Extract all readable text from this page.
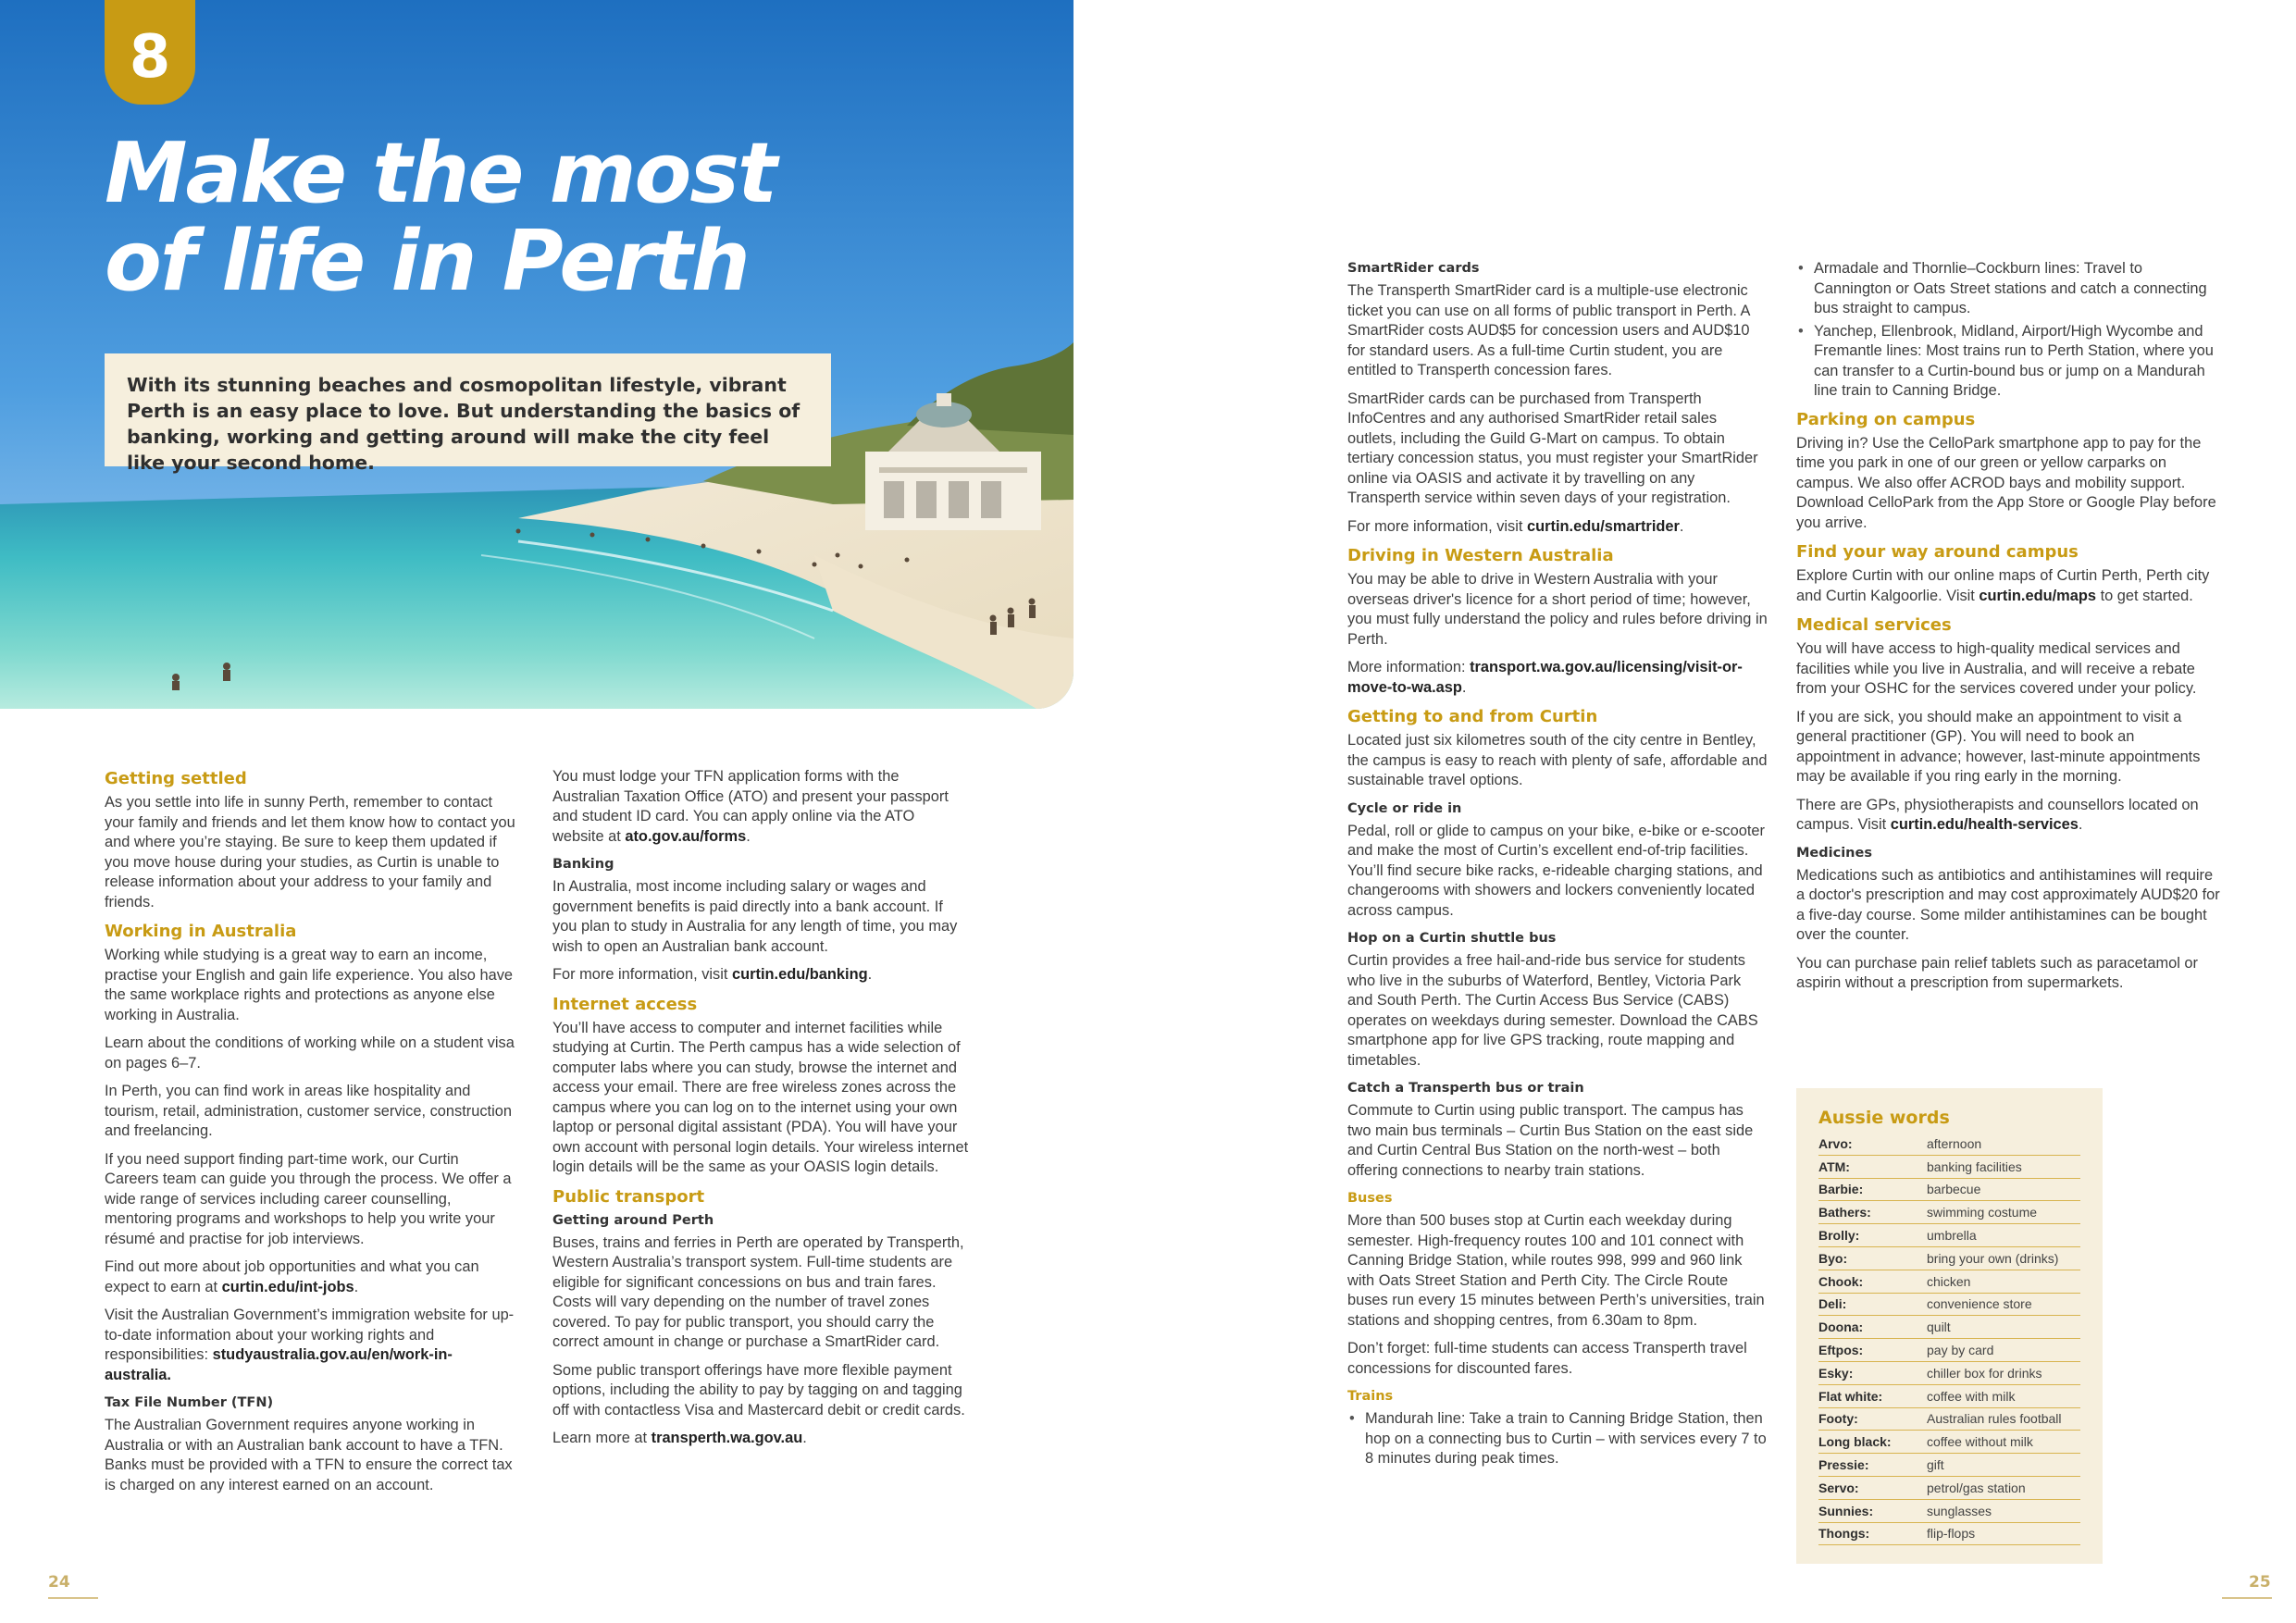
8
Make the most
of life in Perth
With its stunning beaches and cosmopolitan lifestyle, vibrant Perth is an easy place to love. But understanding the basics of banking, working and getting around will make the city feel like your second home.
Getting settled

As you settle into life in sunny Perth, remember to contact your family and friends and let them know how to contact you and where you’re staying. Be sure to keep them updated if you move house during your studies, as Curtin is unable to release information about your address to your family and friends.

Working in Australia

Working while studying is a great way to earn an income, practise your English and gain life experience. You also have the same workplace rights and protections as anyone else working in Australia.

Learn about the conditions of working while on a student visa on pages 6–7.

In Perth, you can find work in areas like hospitality and tourism, retail, administration, customer service, construction and freelancing.

If you need support finding part-time work, our Curtin Careers team can guide you through the process. We offer a wide range of services including career counselling, mentoring programs and workshops to help you write your résumé and practise for job interviews.

Find out more about job opportunities and what you can expect to earn at curtin.edu/int-jobs.

Visit the Australian Government’s immigration website for up-to-date information about your working rights and responsibilities: studyaustralia.gov.au/en/work-in-australia.

Tax File Number (TFN)

The Australian Government requires anyone working in Australia or with an Australian bank account to have a TFN. Banks must be provided with a TFN to ensure the correct tax is charged on any interest earned on an account.

You must lodge your TFN application forms with the Australian Taxation Office (ATO) and present your passport and student ID card. You can apply online via the ATO website at ato.gov.au/forms.

Banking

In Australia, most income including salary or wages and government benefits is paid directly into a bank account. If you plan to study in Australia for any length of time, you may wish to open an Australian bank account.

For more information, visit curtin.edu/banking.

Internet access

You’ll have access to computer and internet facilities while studying at Curtin. The Perth campus has a wide selection of computer labs where you can study, browse the internet and access your email. There are free wireless zones across the campus where you can log on to the internet using your own laptop or personal digital assistant (PDA). You will have your own account with personal login details. Your wireless internet login details will be the same as your OASIS login details.

Public transport
Getting around Perth

Buses, trains and ferries in Perth are operated by Transperth, Western Australia’s transport system. Full-time students are eligible for significant concessions on bus and train fares. Costs will vary depending on the number of travel zones covered. To pay for public transport, you should carry the correct amount in change or purchase a SmartRider card.

Some public transport offerings have more flexible payment options, including the ability to pay by tagging on and tagging off with contactless Visa and Mastercard debit or credit cards.

Learn more at transperth.wa.gov.au.

SmartRider cards

The Transperth SmartRider card is a multiple-use electronic ticket you can use on all forms of public transport in Perth. A SmartRider costs AUD$5 for concession users and AUD$10 for standard users. As a full-time Curtin student, you are entitled to Transperth concession fares.

SmartRider cards can be purchased from Transperth InfoCentres and any authorised SmartRider retail sales outlets, including the Guild G-Mart on campus. To obtain tertiary concession status, you must register your SmartRider online via OASIS and activate it by travelling on any Transperth service within seven days of your registration.

For more information, visit curtin.edu/smartrider.

Driving in Western Australia

You may be able to drive in Western Australia with your overseas driver's licence for a short period of time; however, you must fully understand the policy and rules before driving in Perth.

More information: transport.wa.gov.au/licensing/visit-or-move-to-wa.asp.

Getting to and from Curtin

Located just six kilometres south of the city centre in Bentley, the campus is easy to reach with plenty of safe, affordable and sustainable travel options.

Cycle or ride in

Pedal, roll or glide to campus on your bike, e-bike or e-scooter and make the most of Curtin’s excellent end-of-trip facilities. You’ll find secure bike racks, e-rideable charging stations, and changerooms with showers and lockers conveniently located across campus.

Hop on a Curtin shuttle bus

Curtin provides a free hail-and-ride bus service for students who live in the suburbs of Waterford, Bentley, Victoria Park and South Perth. The Curtin Access Bus Service (CABS) operates on weekdays during semester. Download the CABS smartphone app for live GPS tracking, route mapping and timetables.

Catch a Transperth bus or train

Commute to Curtin using public transport. The campus has two main bus terminals – Curtin Bus Station on the east side and Curtin Central Bus Station on the north-west – both offering connections to nearby train stations.

Buses

More than 500 buses stop at Curtin each weekday during semester. High-frequency routes 100 and 101 connect with Canning Bridge Station, while routes 998, 999 and 960 link with Oats Street Station and Perth City. The Circle Route buses run every 15 minutes between Perth’s universities, train stations and shopping centres, from 6.30am to 8pm.

Don’t forget: full-time students can access Transperth travel concessions for discounted fares.

Trains
• Mandurah line: Take a train to Canning Bridge Station, then hop on a connecting bus to Curtin – with services every 7 to 8 minutes during peak times.
• Armadale and Thornlie–Cockburn lines: Travel to Cannington or Oats Street stations and catch a connecting bus straight to campus.
• Yanchep, Ellenbrook, Midland, Airport/High Wycombe and Fremantle lines: Most trains run to Perth Station, where you can transfer to a Curtin-bound bus or jump on a Mandurah line train to Canning Bridge.
Parking on campus

Driving in? Use the CelloPark smartphone app to pay for the time you park in one of our green or yellow carparks on campus. We also offer ACROD bays and mobility support. Download CelloPark from the App Store or Google Play before you arrive.

Find your way around campus

Explore Curtin with our online maps of Curtin Perth, Perth city and Curtin Kalgoorlie. Visit curtin.edu/maps to get started.

Medical services

You will have access to high-quality medical services and facilities while you live in Australia, and will receive a rebate from your OSHC for the services covered under your policy.

If you are sick, you should make an appointment to visit a general practitioner (GP). You will need to book an appointment in advance; however, last-minute appointments may be available if you ring early in the morning.

There are GPs, physiotherapists and counsellors located on campus. Visit curtin.edu/health-services.

Medicines

Medications such as antibiotics and antihistamines will require a doctor's prescription and may cost approximately AUD$20 for a five-day course. Some milder antihistamines can be bought over the counter.

You can purchase pain relief tablets such as paracetamol or aspirin without a prescription from supermarkets.

Aussie words
Arvo:	afternoon
ATM:	banking facilities
Barbie:	barbecue
Bathers:	swimming costume
Brolly:	umbrella
Byo:	bring your own (drinks)
Chook:	chicken
Deli:	convenience store
Doona:	quilt
Eftpos:	pay by card
Esky:	chiller box for drinks
Flat white:	coffee with milk
Footy:	Australian rules football
Long black:	coffee without milk
Pressie:	gift
Servo:	petrol/gas station
Sunnies:	sunglasses
Thongs:	flip-flops
24	25
